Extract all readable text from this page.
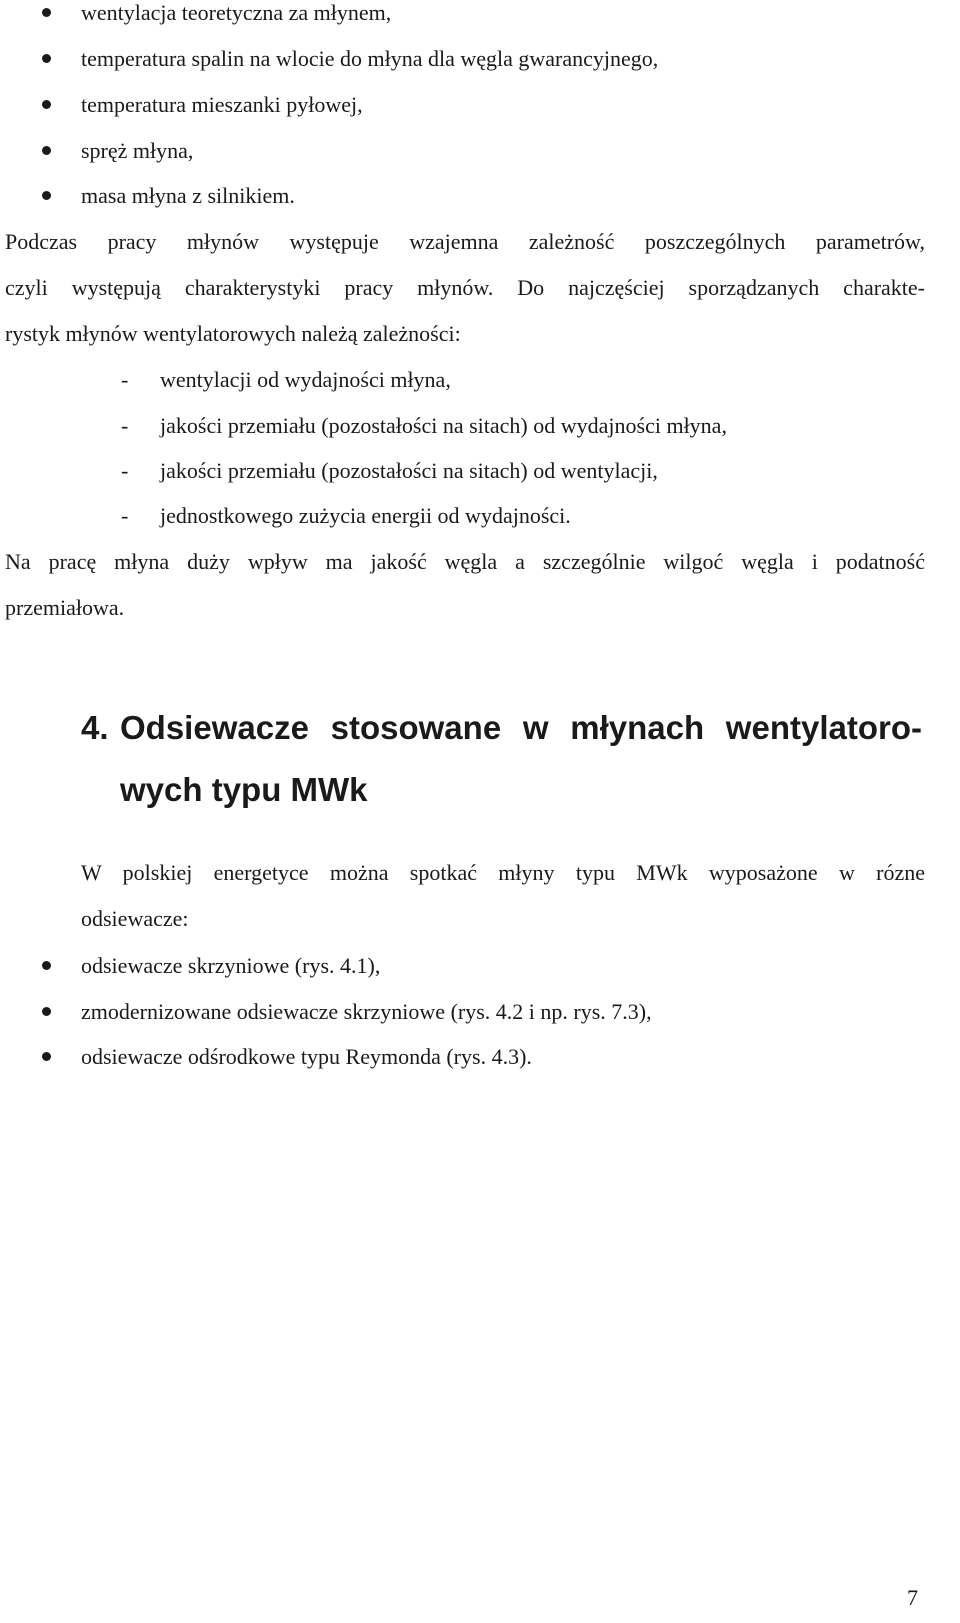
wentylacja teoretyczna za młynem,
temperatura spalin na wlocie do młyna dla węgla gwarancyjnego,
temperatura mieszanki pyłowej,
spręż młyna,
masa młyna z silnikiem.
Podczas pracy młynów występuje wzajemna zależność poszczególnych parametrów,
czyli występują charakterystyki pracy młynów. Do najczęściej sporządzanych charakte-
rystyk młynów wentylatorowych należą zależności:
- wentylacji od wydajności młyna,
- jakości przemiału (pozostałości na sitach) od wydajności młyna,
- jakości przemiału (pozostałości na sitach) od wentylacji,
- jednostkowego zużycia energii od wydajności.
Na pracę młyna duży wpływ ma jakość węgla a szczególnie wilgoć węgla i podatność
przemiałowa.
4. Odsiewacze stosowane w młynach wentylatoro-
wych typu MWk
W polskiej energetyce można spotkać młyny typu MWk wyposażone w rózne
odsiewacze:
odsiewacze skrzyniowe (rys. 4.1),
zmodernizowane odsiewacze skrzyniowe (rys. 4.2 i np. rys. 7.3),
odsiewacze odśrodkowe typu Reymonda (rys. 4.3).
7
